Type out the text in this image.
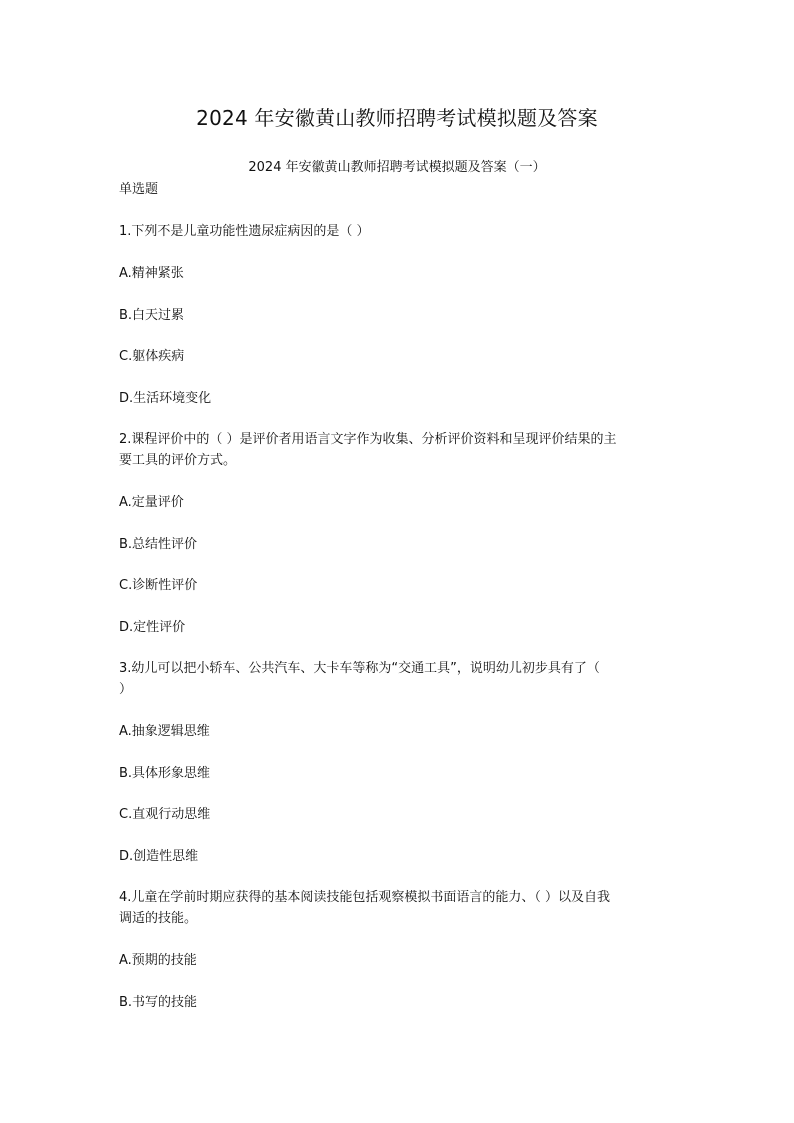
2024 年安徽黄山教师招聘考试模拟题及答案
2024 年安徽黄山教师招聘考试模拟题及答案（一）
单选题
1.下列不是儿童功能性遗尿症病因的是（ ）
A.精神紧张
B.白天过累
C.躯体疾病
D.生活环境变化
2.课程评价中的（ ）是评价者用语言文字作为收集、分析评价资料和呈现评价结果的主
要工具的评价方式。
A.定量评价
B.总结性评价
C.诊断性评价
D.定性评价
3.幼儿可以把小轿车、公共汽车、大卡车等称为“交通工具”，说明幼儿初步具有了（
）
A.抽象逻辑思维
B.具体形象思维
C.直观行动思维
D.创造性思维
4.儿童在学前时期应获得的基本阅读技能包括观察模拟书面语言的能力、（ ）以及自我
调适的技能。
A.预期的技能
B.书写的技能
